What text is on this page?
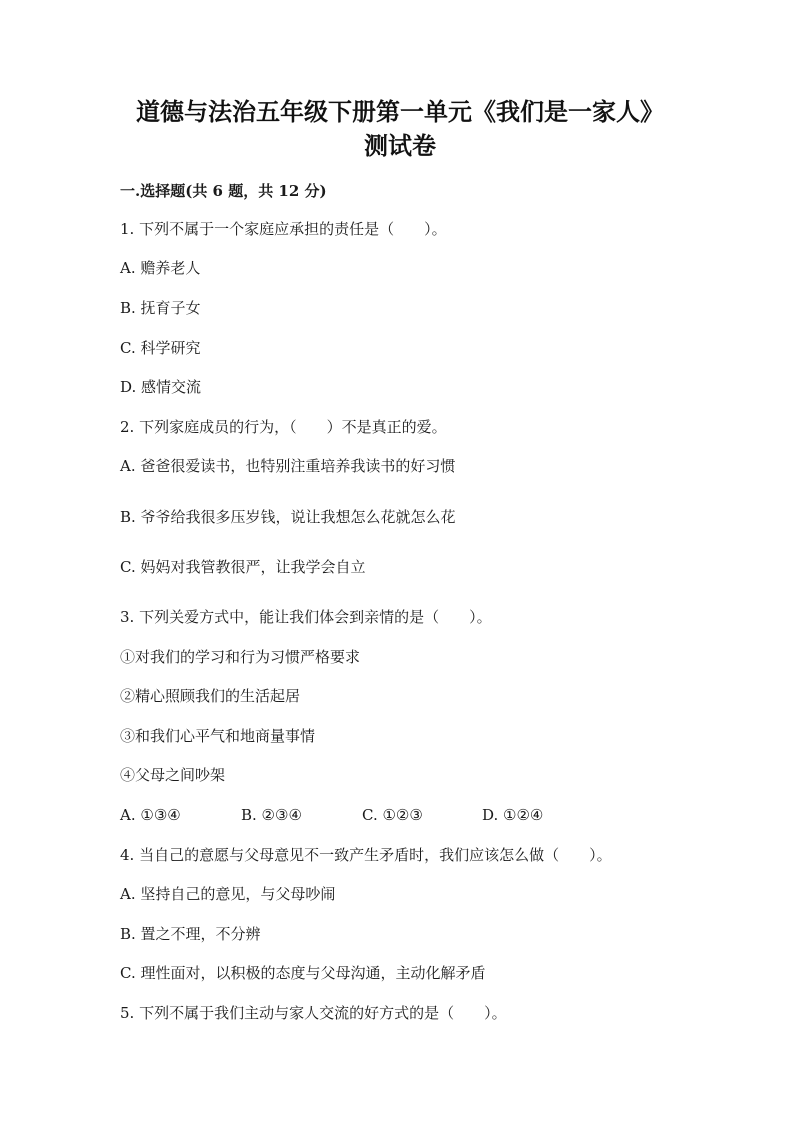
道德与法治五年级下册第一单元《我们是一家人》
测试卷
一.选择题(共 6 题，共 12 分)
1. 下列不属于一个家庭应承担的责任是（　　）。
A. 赡养老人
B. 抚育子女
C. 科学研究
D. 感情交流
2. 下列家庭成员的行为，（　　）不是真正的爱。
A. 爸爸很爱读书，也特别注重培养我读书的好习惯
B. 爷爷给我很多压岁钱，说让我想怎么花就怎么花
C. 妈妈对我管教很严，让我学会自立
3. 下列关爱方式中，能让我们体会到亲情的是（　　）。
①对我们的学习和行为习惯严格要求
②精心照顾我们的生活起居
③和我们心平气和地商量事情
④父母之间吵架
A. ①③④	B. ②③④	C. ①②③	D. ①②④
4. 当自己的意愿与父母意见不一致产生矛盾时，我们应该怎么做（　　）。
A. 坚持自己的意见，与父母吵闹
B. 置之不理，不分辨
C. 理性面对，以积极的态度与父母沟通，主动化解矛盾
5. 下列不属于我们主动与家人交流的好方式的是（　　）。
